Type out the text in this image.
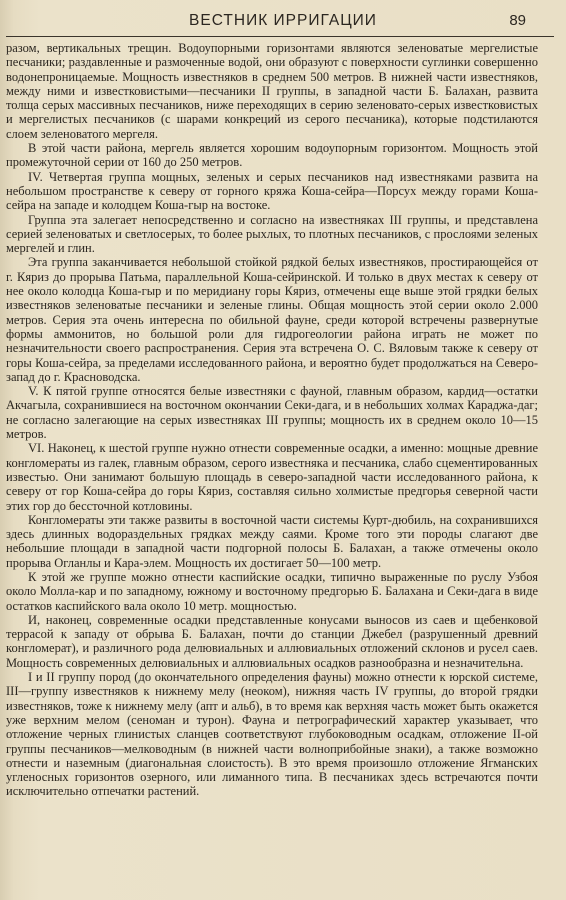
ВЕСТНИК ИРРИГАЦИИ	89

разом, вертикальных трещин. Водоупорными горизонтами являются зеленоватые мергелистые песчаники; раздавленные и размоченные водой, они образуют с поверхности суглинки совершенно водонепроницаемые. Мощность известняков в среднем 500 метров. В нижней части известняков, между ними и известковистыми—песчаники II группы, в западной части Б. Балахан, развита толща серых массивных песчаников, ниже переходящих в серию зеленовато-серых известковистых и мергелистых песчаников (с шарами конкреций из серого песчаника), которые подстилаются слоем зеленоватого мергеля.

В этой части района, мергель является хорошим водоупорным горизонтом. Мощность этой промежуточной серии от 160 до 250 метров.

IV. Четвертая группа мощных, зеленых и серых песчаников над известняками развита на небольшом пространстве к северу от горного кряжа Коша-сейра—Порсух между горами Коша-сейра на западе и колодцем Коша-гыр на востоке.

Группа эта залегает непосредственно и согласно на известняках III группы, и представлена серией зеленоватых и светлосерых, то более рыхлых, то плотных песчаников, с прослоями зеленых мергелей и глин.

Эта группа заканчивается небольшой стойкой рядкой белых известняков, простирающейся от г. Кяриз до прорыва Патьма, параллельной Коша-сейринской. И только в двух местах к северу от нее около колодца Коша-гыр и по меридиану горы Кяриз, отмечены еще выше этой грядки белых известняков зеленоватые песчаники и зеленые глины. Общая мощность этой серии около 2.000 метров. Серия эта очень интересна по обильной фауне, среди которой встречены развернутые формы аммонитов, но большой роли для гидрогеологии района играть не может по незначительности своего распространения. Серия эта встречена О. С. Вяловым также к северу от горы Коша-сейра, за пределами исследованного района, и вероятно будет продолжаться на Северо-запад до г. Красноводска.

V. К пятой группе относятся белые известняки с фауной, главным образом, кардид—остатки Акчагыла, сохранившиеся на восточном окончании Секи-дага, и в небольших холмах Караджа-даг; не согласно залегающие на серых известняках III группы; мощность их в среднем около 10—15 метров.

VI. Наконец, к шестой группе нужно отнести современные осадки, а именно: мощные древние конгломераты из галек, главным образом, серого известняка и песчаника, слабо сцементированных известью. Они занимают большую площадь в северо-западной части исследованного района, к северу от гор Коша-сейра до горы Кяриз, составляя сильно холмистые предгорья северной части этих гор до бессточной котловины.

Конгломераты эти также развиты в восточной части системы Курт-дюбиль, на сохранившихся здесь длинных водораздельных грядках между саями. Кроме того эти породы слагают две небольшие площади в западной части подгорной полосы Б. Балахан, а также отмечены около прорыва Огланлы и Кара-элем. Мощность их достигает 50—100 метр.

К этой же группе можно отнести каспийские осадки, типично выраженные по руслу Узбоя около Молла-кар и по западному, южному и восточному предгорью Б. Балахана и Секи-дага в виде остатков каспийского вала около 10 метр. мощностью.

И, наконец, современные осадки представленные конусами выносов из саев и щебенковой террасой к западу от обрыва Б. Балахан, почти до станции Джебел (разрушенный древний конгломерат), и различного рода делювиальных и аллювиальных отложений склонов и русел саев. Мощность современных делювиальных и аллювиальных осадков разнообразна и незначительна.

I и II группу пород (до окончательного определения фауны) можно отнести к юрской системе, III—группу известняков к нижнему мелу (неоком), нижняя часть IV группы, до второй грядки известняков, тоже к нижнему мелу (апт и альб), в то время как верхняя часть может быть окажется уже верхним мелом (сеноман и турон). Фауна и петрографический характер указывает, что отложение черных глинистых сланцев соответствуют глубоководным осадкам, отложение II-ой группы песчаников—мелководным (в нижней части волноприбойные знаки), а также возможно отнести и наземным (диагональная слоистость). В это время произошло отложение Ягманских угленосных горизонтов озерного, или лиманного типа. В песчаниках здесь встречаются почти исключительно отпечатки растений.
